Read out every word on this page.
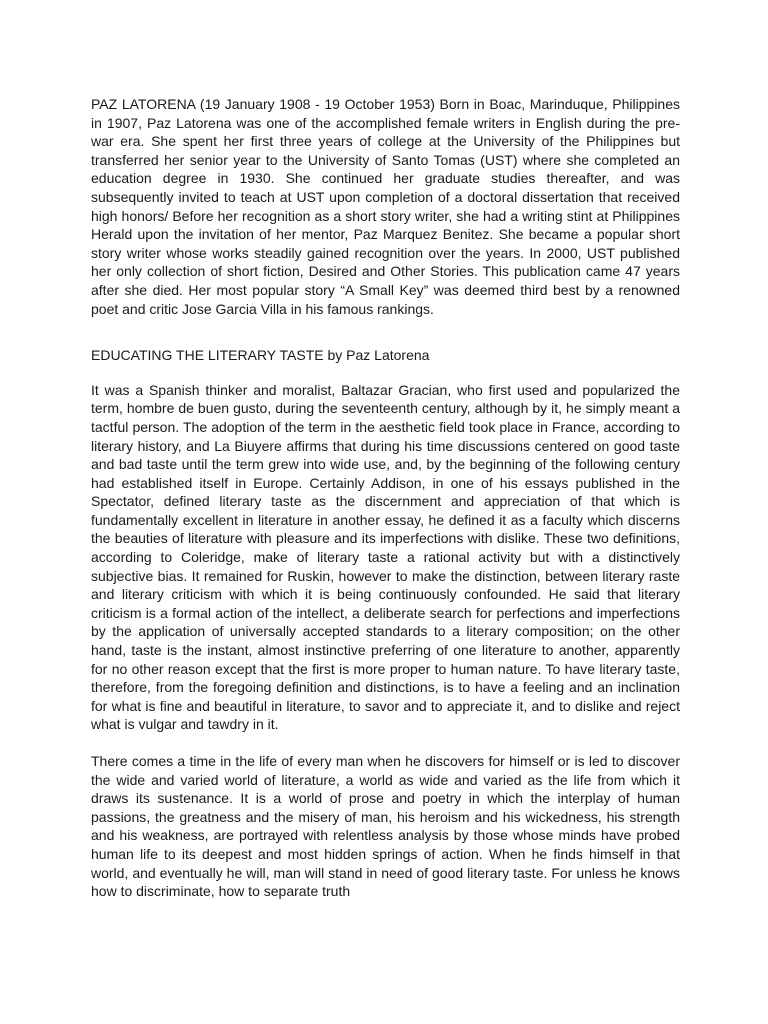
PAZ LATORENA (19 January 1908 - 19 October 1953) Born in Boac, Marinduque, Philippines in 1907, Paz Latorena was one of the accomplished female writers in English during the pre-war era. She spent her first three years of college at the University of the Philippines but transferred her senior year to the University of Santo Tomas (UST) where she completed an education degree in 1930. She continued her graduate studies thereafter, and was subsequently invited to teach at UST upon completion of a doctoral dissertation that received high honors/ Before her recognition as a short story writer, she had a writing stint at Philippines Herald upon the invitation of her mentor, Paz Marquez Benitez. She became a popular short story writer whose works steadily gained recognition over the years. In 2000, UST published her only collection of short fiction, Desired and Other Stories. This publication came 47 years after she died. Her most popular story “A Small Key” was deemed third best by a renowned poet and critic Jose Garcia Villa in his famous rankings.

EDUCATING THE LITERARY TASTE by Paz Latorena

It was a Spanish thinker and moralist, Baltazar Gracian, who first used and popularized the term, hombre de buen gusto, during the seventeenth century, although by it, he simply meant a tactful person. The adoption of the term in the aesthetic field took place in France, according to literary history, and La Biuyere affirms that during his time discussions centered on good taste and bad taste until the term grew into wide use, and, by the beginning of the following century had established itself in Europe. Certainly Addison, in one of his essays published in the Spectator, defined literary taste as the discernment and appreciation of that which is fundamentally excellent in literature in another essay, he defined it as a faculty which discerns the beauties of literature with pleasure and its imperfections with dislike. These two definitions, according to Coleridge, make of literary taste a rational activity but with a distinctively subjective bias. It remained for Ruskin, however to make the distinction, between literary raste and literary criticism with which it is being continuously confounded. He said that literary criticism is a formal action of the intellect, a deliberate search for perfections and imperfections by the application of universally accepted standards to a literary composition; on the other hand, taste is the instant, almost instinctive preferring of one literature to another, apparently for no other reason except that the first is more proper to human nature. To have literary taste, therefore, from the foregoing definition and distinctions, is to have a feeling and an inclination for what is fine and beautiful in literature, to savor and to appreciate it, and to dislike and reject what is vulgar and tawdry in it.

There comes a time in the life of every man when he discovers for himself or is led to discover the wide and varied world of literature, a world as wide and varied as the life from which it draws its sustenance. It is a world of prose and poetry in which the interplay of human passions, the greatness and the misery of man, his heroism and his wickedness, his strength and his weakness, are portrayed with relentless analysis by those whose minds have probed human life to its deepest and most hidden springs of action. When he finds himself in that world, and eventually he will, man will stand in need of good literary taste. For unless he knows how to discriminate, how to separate truth
